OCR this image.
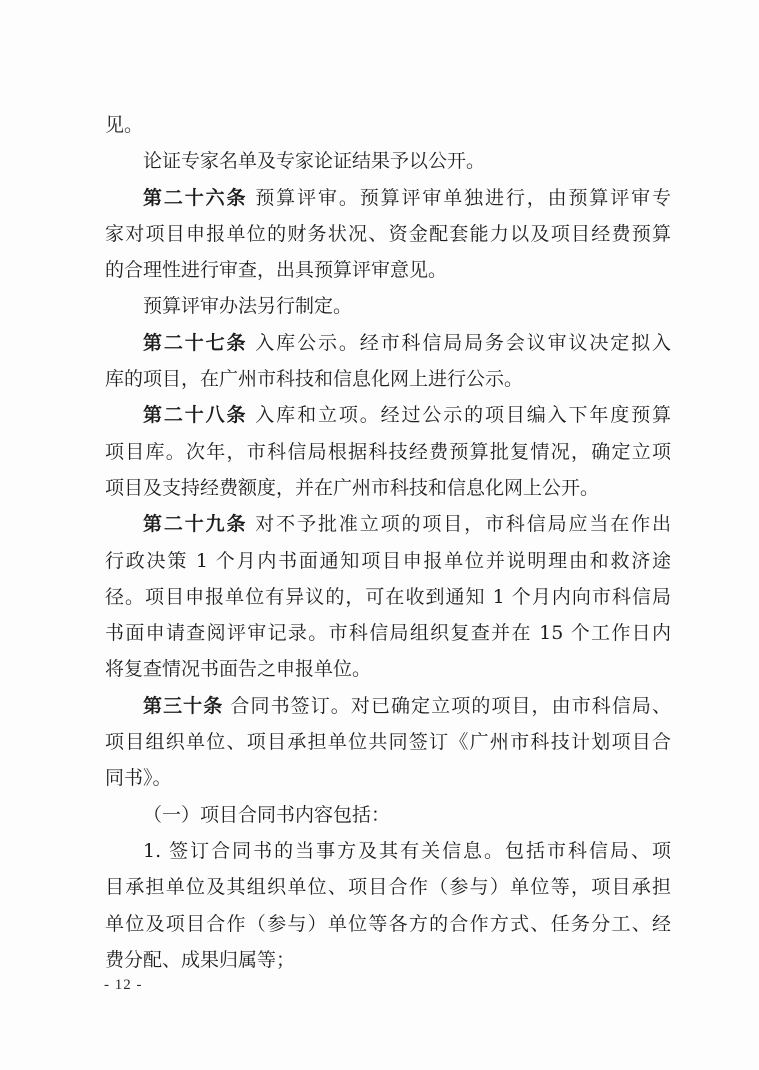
见。
论证专家名单及专家论证结果予以公开。
第二十六条 预算评审。预算评审单独进行，由预算评审专
家对项目申报单位的财务状况、资金配套能力以及项目经费预算
的合理性进行审查，出具预算评审意见。
预算评审办法另行制定。
第二十七条 入库公示。经市科信局局务会议审议决定拟入
库的项目，在广州市科技和信息化网上进行公示。
第二十八条 入库和立项。经过公示的项目编入下年度预算
项目库。次年，市科信局根据科技经费预算批复情况，确定立项
项目及支持经费额度，并在广州市科技和信息化网上公开。
第二十九条 对不予批准立项的项目，市科信局应当在作出
行政决策 1 个月内书面通知项目申报单位并说明理由和救济途
径。项目申报单位有异议的，可在收到通知 1 个月内向市科信局
书面申请查阅评审记录。市科信局组织复查并在 15 个工作日内
将复查情况书面告之申报单位。
第三十条 合同书签订。对已确定立项的项目，由市科信局、
项目组织单位、项目承担单位共同签订《广州市科技计划项目合
同书》。
（一）项目合同书内容包括：
1. 签订合同书的当事方及其有关信息。包括市科信局、项
目承担单位及其组织单位、项目合作（参与）单位等，项目承担
单位及项目合作（参与）单位等各方的合作方式、任务分工、经
费分配、成果归属等；
- 12 -
